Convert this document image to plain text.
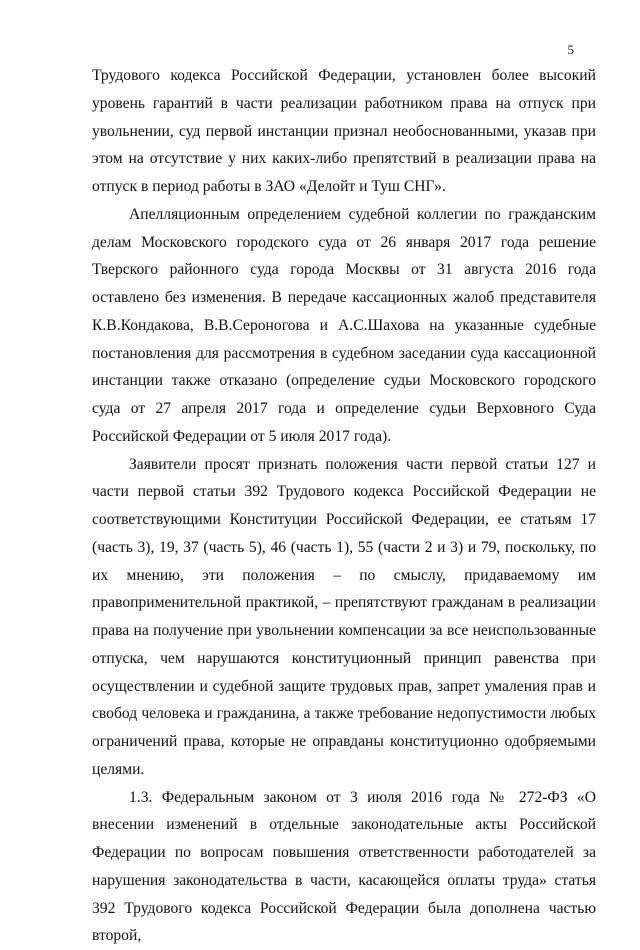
5

Трудового кодекса Российской Федерации, установлен более высокий уровень гарантий в части реализации работником права на отпуск при увольнении, суд первой инстанции признал необоснованными, указав при этом на отсутствие у них каких-либо препятствий в реализации права на отпуск в период работы в ЗАО «Делойт и Туш СНГ».

Апелляционным определением судебной коллегии по гражданским делам Московского городского суда от 26 января 2017 года решение Тверского районного суда города Москвы от 31 августа 2016 года оставлено без изменения. В передаче кассационных жалоб представителя К.В.Кондакова, В.В.Сероногова и А.С.Шахова на указанные судебные постановления для рассмотрения в судебном заседании суда кассационной инстанции также отказано (определение судьи Московского городского суда от 27 апреля 2017 года и определение судьи Верховного Суда Российской Федерации от 5 июля 2017 года).

Заявители просят признать положения части первой статьи 127 и части первой статьи 392 Трудового кодекса Российской Федерации не соответствующими Конституции Российской Федерации, ее статьям 17 (часть 3), 19, 37 (часть 5), 46 (часть 1), 55 (части 2 и 3) и 79, поскольку, по их мнению, эти положения – по смыслу, придаваемому им правоприменительной практикой, – препятствуют гражданам в реализации права на получение при увольнении компенсации за все неиспользованные отпуска, чем нарушаются конституционный принцип равенства при осуществлении и судебной защите трудовых прав, запрет умаления прав и свобод человека и гражданина, а также требование недопустимости любых ограничений права, которые не оправданы конституционно одобряемыми целями.

1.3. Федеральным законом от 3 июля 2016 года № 272-ФЗ «О внесении изменений в отдельные законодательные акты Российской Федерации по вопросам повышения ответственности работодателей за нарушения законодательства в части, касающейся оплаты труда» статья 392 Трудового кодекса Российской Федерации была дополнена частью второй,
